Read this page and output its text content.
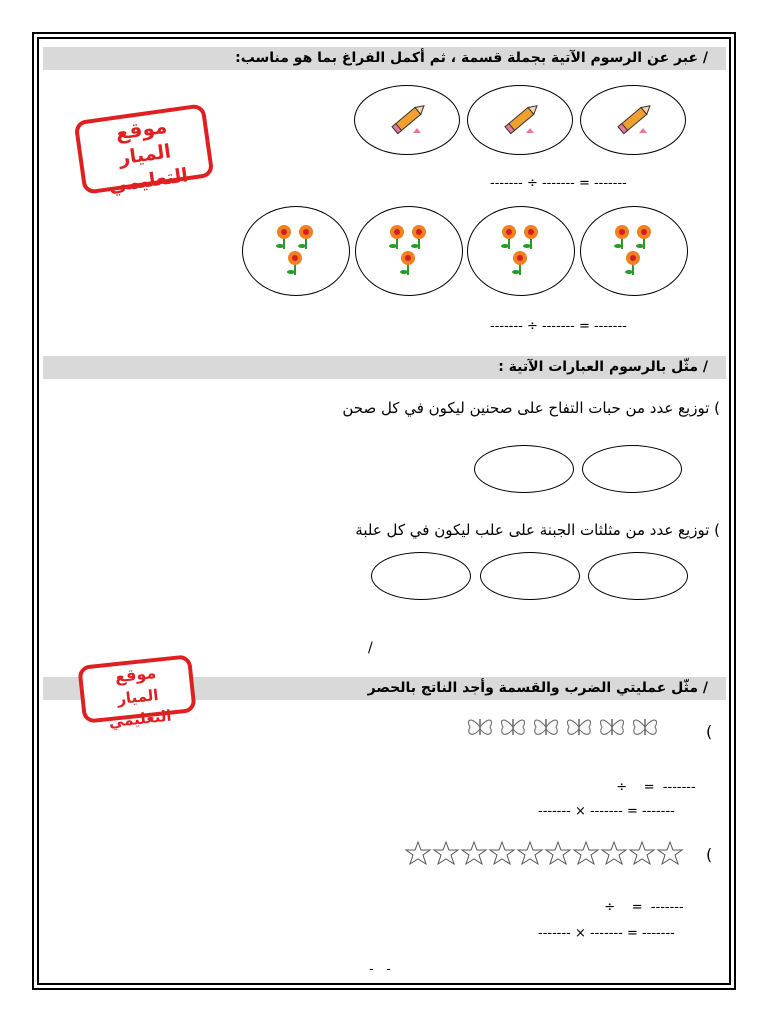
/ عبر عن الرسوم الآتية بجملة قسمة ، ثم أكمل الفراغ بما هو مناسب:
------- ÷ ------- = -------
------- ÷ ------- = -------
/ مثّل بالرسوم العبارات الآتية :
) توزيع عدد من حبات التفاح على صحنين ليكون في كل صحن
) توزيع عدد من مثلثات الجبنة على علب ليكون في كل علبة
/
/ مثّل عمليتي الضرب والقسمة وأجد الناتج بالحصر
)

÷    =  -------

------- × ------- = -------
)

÷    =  -------

------- × ------- = -------
-   -
موقع
الميار التعليمي
موقع
الميار التعليمي
